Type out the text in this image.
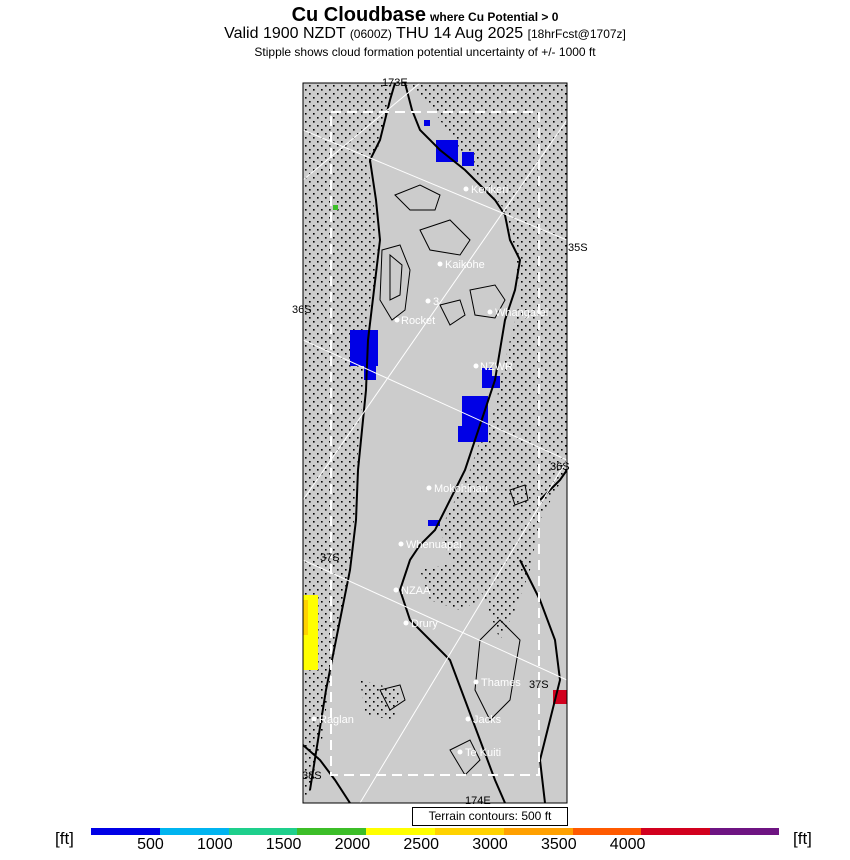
Cu Cloudbase where Cu Potential > 0
Valid 1900 NZDT (0600Z) THU 14 Aug 2025 [18hrFcst@1707z]
Stipple shows cloud formation potential uncertainty of +/- 1000 ft
35S
36S
36S
37S
37S
38S
173E
174E
Kerikeri
Kaikohe
3
Whangarei
Rocket
NZWR
Mokohinau
Whenuapai
NZAA
Drury
Thames
Raglan	Jacks
Te Kuiti
Terrain contours: 500 ft
[ft]	[ft]
500 1000 1500 2000 2500 3000 3500 4000
